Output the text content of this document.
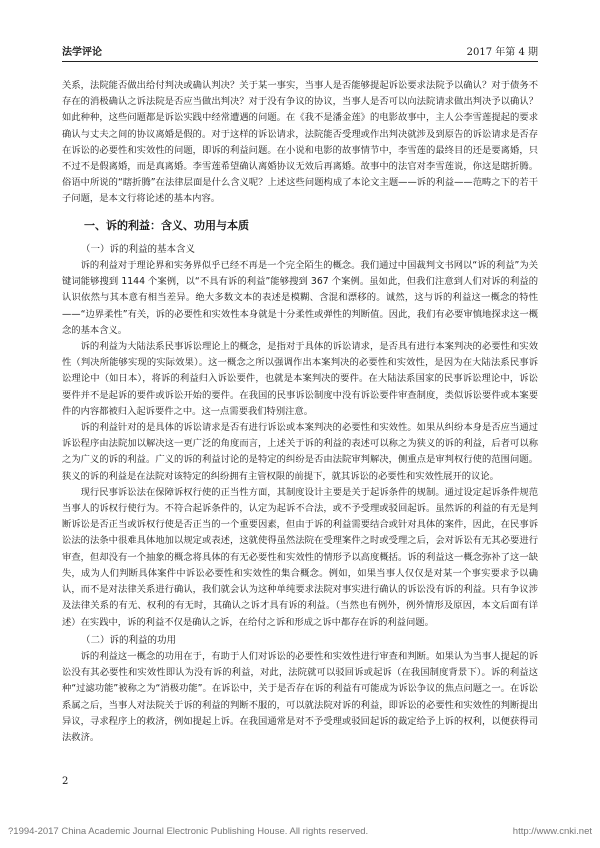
法学评论	2017 年第 4 期

关系，法院能否做出给付判决或确认判决？关于某一事实，当事人是否能够提起诉讼要求法院予以确认？对于债务不存在的消极确认之诉法院是否应当做出判决？对于没有争议的协议，当事人是否可以向法院请求做出判决予以确认？如此种种，这些问题都是诉讼实践中经常遭遇的问题。在《我不是潘金莲》的电影故事中，主人公李雪莲提起的要求确认与丈夫之间的协议离婚是假的。对于这样的诉讼请求，法院能否受理或作出判决就涉及到原告的诉讼请求是否存在诉讼的必要性和实效性的问题，即诉的利益问题。在小说和电影的故事情节中，李雪莲的最终目的还是要离婚，只不过不是假离婚，而是真离婚。李雪莲希望确认离婚协议无效后再离婚。故事中的法官对李雪莲说，你这是瞎折腾。俗语中所说的“瞎折腾”在法律层面是什么含义呢？上述这些问题构成了本论文主题——诉的利益——范畴之下的若干子问题，是本文行将论述的基本内容。

一、诉的利益：含义、功用与本质
（一）诉的利益的基本含义

诉的利益对于理论界和实务界似乎已经不再是一个完全陌生的概念。我们通过中国裁判文书网以“诉的利益”为关键词能够搜到 1144 个案例，以“不具有诉的利益”能够搜到 367 个案例。虽如此，但我们注意到人们对诉的利益的认识依然与其本意有相当差异。绝大多数文本的表述是模糊、含混和漂移的。诚然，这与诉的利益这一概念的特性——“边界柔性”有关，诉的必要性和实效性本身就是十分柔性或弹性的判断值。因此，我们有必要审慎地探求这一概念的基本含义。

诉的利益为大陆法系民事诉讼理论上的概念，是指对于具体的诉讼请求，是否具有进行本案判决的必要性和实效性（判决所能够实现的实际效果）。这一概念之所以强调作出本案判决的必要性和实效性，是因为在大陆法系民事诉讼理论中（如日本），将诉的利益归入诉讼要件，也就是本案判决的要件。在大陆法系国家的民事诉讼理论中，诉讼要件并不是起诉的要件或诉讼开始的要件。在我国的民事诉讼制度中没有诉讼要件审查制度，类似诉讼要件或本案要件的内容都被归入起诉要件之中。这一点需要我们特别注意。

诉的利益针对的是具体的诉讼请求是否有进行诉讼或本案判决的必要性和实效性。如果从纠纷本身是否应当通过诉讼程序由法院加以解决这一更广泛的角度而言，上述关于诉的利益的表述可以称之为狭义的诉的利益，后者可以称之为广义的诉的利益。广义的诉的利益讨论的是特定的纠纷是否由法院审判解决，侧重点是审判权行使的范围问题。狭义的诉的利益是在法院对该特定的纠纷拥有主管权限的前提下，就其诉讼的必要性和实效性展开的议论。

现行民事诉讼法在保障诉权行使的正当性方面，其制度设计主要是关于起诉条件的规制。通过设定起诉条件规范当事人的诉权行使行为。不符合起诉条件的，认定为起诉不合法，或不予受理或驳回起诉。虽然诉的利益的有无是判断诉讼是否正当或诉权行使是否正当的一个重要因素，但由于诉的利益需要结合或针对具体的案件，因此，在民事诉讼法的法条中很难具体地加以规定或表述，这就使得虽然法院在受理案件之时或受理之后，会对诉讼有无其必要进行审查，但却没有一个抽象的概念将具体的有无必要性和实效性的情形予以高度概括。诉的利益这一概念弥补了这一缺失，成为人们判断具体案件中诉讼必要性和实效性的集合概念。例如，如果当事人仅仅是对某一个事实要求予以确认，而不是对法律关系进行确认，我们就会认为这种单纯要求法院对事实进行确认的诉讼没有诉的利益。只有争议涉及法律关系的有无、权利的有无时，其确认之诉才具有诉的利益。（当然也有例外，例外情形及原因，本文后面有详述）在实践中，诉的利益不仅是确认之诉，在给付之诉和形成之诉中都存在诉的利益问题。

（二）诉的利益的功用

诉的利益这一概念的功用在于，有助于人们对诉讼的必要性和实效性进行审查和判断。如果认为当事人提起的诉讼没有其必要性和实效性即认为没有诉的利益，对此，法院就可以驳回诉或起诉（在我国制度背景下）。诉的利益这种“过滤功能”被称之为“消极功能”。在诉讼中，关于是否存在诉的利益有可能成为诉讼争议的焦点问题之一。在诉讼系属之后，当事人对法院关于诉的利益的判断不服的，可以就法院对诉的利益，即诉讼的必要性和实效性的判断提出异议，寻求程序上的救济，例如提起上诉。在我国通常是对不予受理或驳回起诉的裁定给予上诉的权利，以便获得司法救济。

2
?1994-2017 China Academic Journal Electronic Publishing House. All rights reserved.	http://www.cnki.net
